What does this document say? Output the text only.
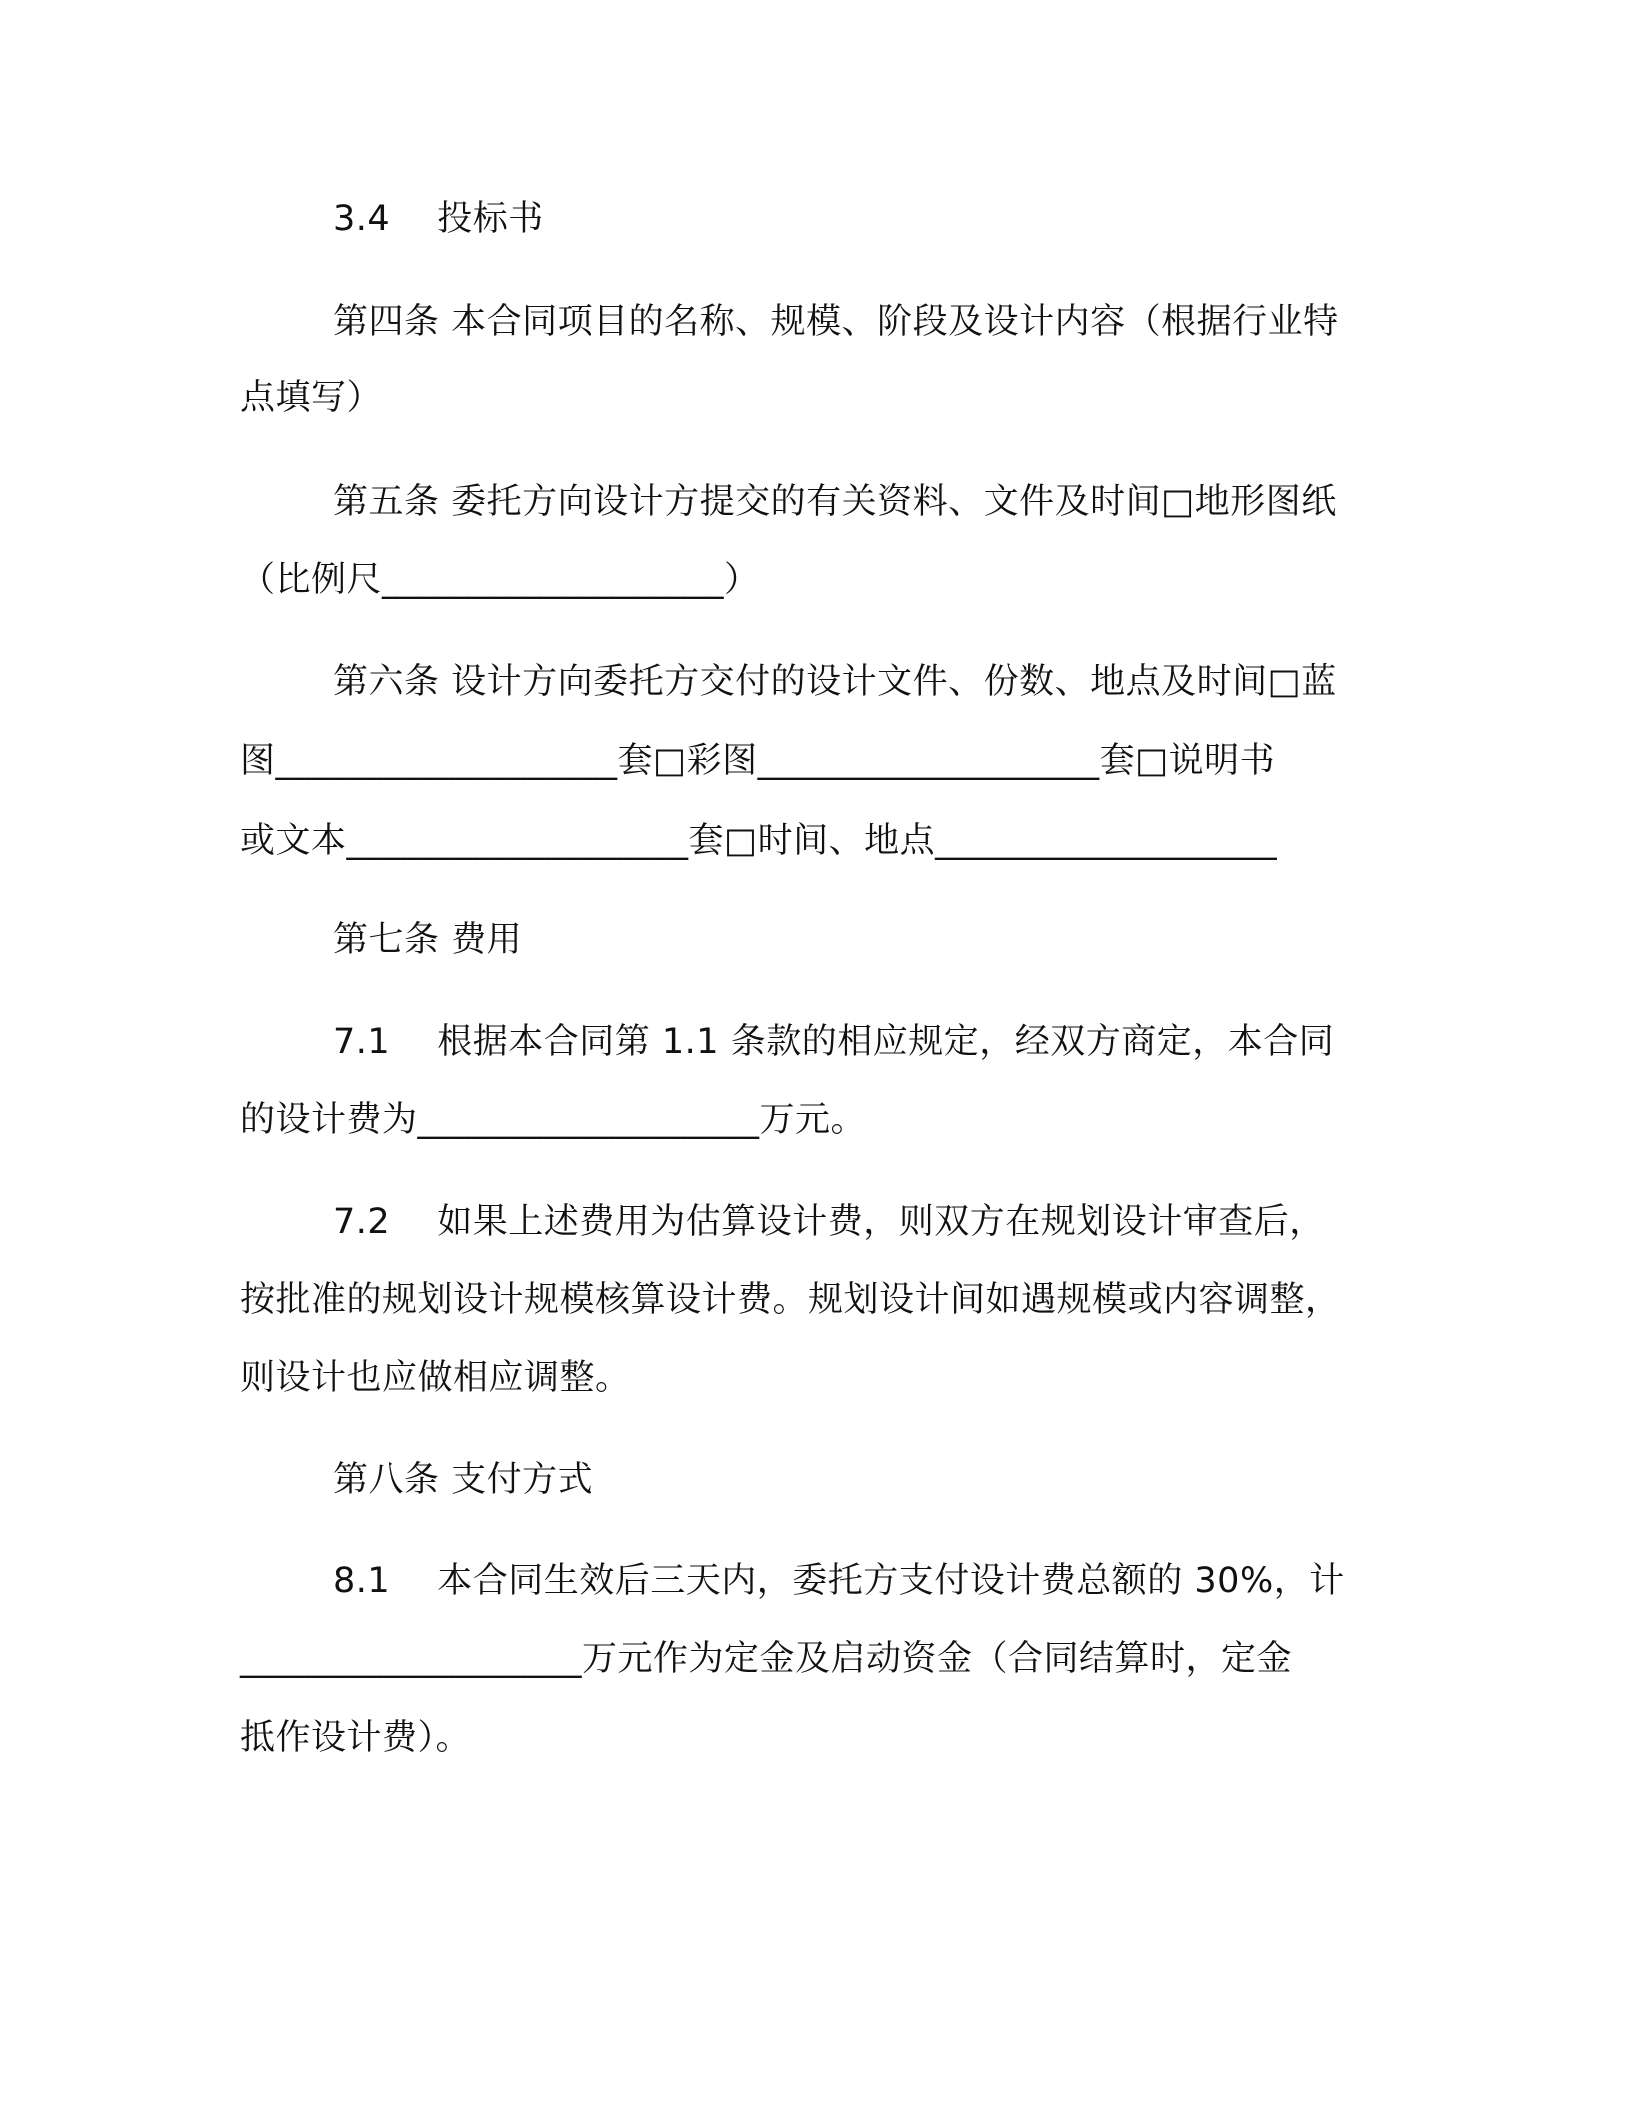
3.4　 投标书
第四条 本合同项目的名称、规模、阶段及设计内容（根据行业特
点填写）
第五条 委托方向设计方提交的有关资料、文件及时间□地形图纸
（比例尺___________________）
第六条 设计方向委托方交付的设计文件、份数、地点及时间□蓝
图___________________套□彩图___________________套□说明书
或文本___________________套□时间、地点___________________
第七条 费用
7.1　 根据本合同第 1.1 条款的相应规定，经双方商定，本合同
的设计费为___________________万元。
7.2　 如果上述费用为估算设计费，则双方在规划设计审查后，
按批准的规划设计规模核算设计费。规划设计间如遇规模或内容调整，
则设计也应做相应调整。
第八条 支付方式
8.1　 本合同生效后三天内，委托方支付设计费总额的 30%，计
___________________万元作为定金及启动资金（合同结算时，定金
抵作设计费）。
